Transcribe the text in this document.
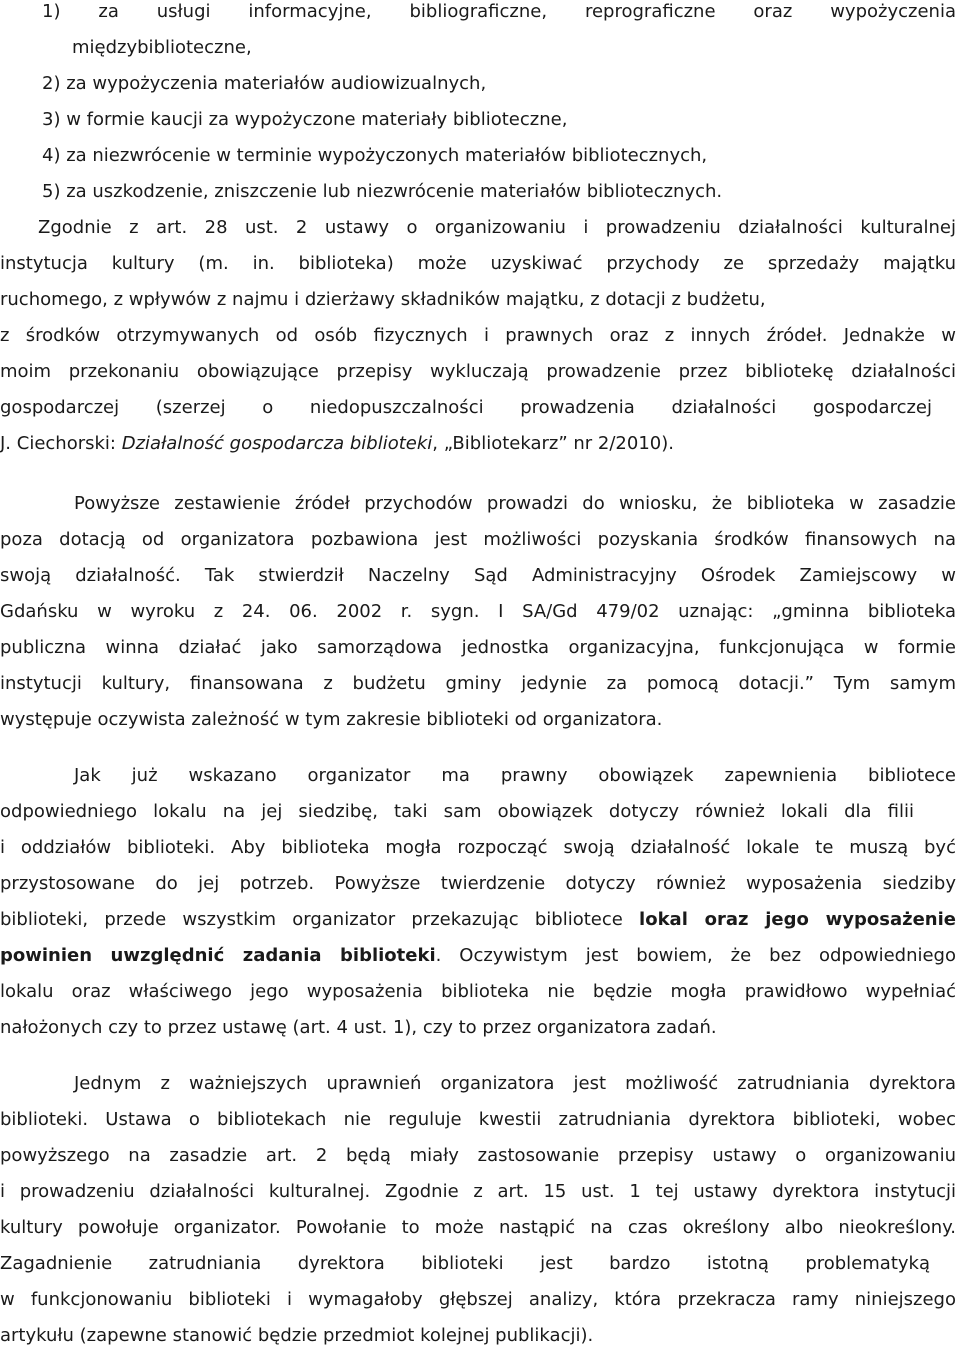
1) za usługi informacyjne, bibliograficzne, reprograficzne oraz wypożyczenia
międzybiblioteczne,
2) za wypożyczenia materiałów audiowizualnych,
3) w formie kaucji za wypożyczone materiały biblioteczne,
4) za niezwrócenie w terminie wypożyczonych materiałów bibliotecznych,
5) za uszkodzenie, zniszczenie lub niezwrócenie materiałów bibliotecznych.
Zgodnie z art. 28 ust. 2 ustawy o organizowaniu i prowadzeniu działalności kulturalnej
instytucja kultury (m. in. biblioteka) może uzyskiwać przychody ze sprzedaży majątku
ruchomego, z wpływów z najmu i dzierżawy składników majątku, z dotacji z budżetu,
z środków otrzymywanych od osób fizycznych i prawnych oraz z innych źródeł. Jednakże w
moim przekonaniu obowiązujące przepisy wykluczają prowadzenie przez bibliotekę działalności
gospodarczej (szerzej o niedopuszczalności prowadzenia działalności gospodarczej
J. Ciechorski: Działalność gospodarcza biblioteki, „Bibliotekarz” nr 2/2010).
Powyższe zestawienie źródeł przychodów prowadzi do wniosku, że biblioteka w zasadzie
poza dotacją od organizatora pozbawiona jest możliwości pozyskania środków finansowych na
swoją działalność. Tak stwierdził Naczelny Sąd Administracyjny Ośrodek Zamiejscowy w
Gdańsku w wyroku z 24. 06. 2002 r. sygn. I SA/Gd 479/02 uznając: „gminna biblioteka
publiczna winna działać jako samorządowa jednostka organizacyjna, funkcjonująca w formie
instytucji kultury, finansowana z budżetu gminy jedynie za pomocą dotacji.” Tym samym
występuje oczywista zależność w tym zakresie biblioteki od organizatora.
Jak już wskazano organizator ma prawny obowiązek zapewnienia bibliotece
odpowiedniego lokalu na jej siedzibę, taki sam obowiązek dotyczy również lokali dla filii
i oddziałów biblioteki. Aby biblioteka mogła rozpocząć swoją działalność lokale te muszą być
przystosowane do jej potrzeb. Powyższe twierdzenie dotyczy również wyposażenia siedziby
biblioteki, przede wszystkim organizator przekazując bibliotece lokal oraz jego wyposażenie
powinien uwzględnić zadania biblioteki. Oczywistym jest bowiem, że bez odpowiedniego
lokalu oraz właściwego jego wyposażenia biblioteka nie będzie mogła prawidłowo wypełniać
nałożonych czy to przez ustawę (art. 4 ust. 1), czy to przez organizatora zadań.
Jednym z ważniejszych uprawnień organizatora jest możliwość zatrudniania dyrektora
biblioteki. Ustawa o bibliotekach nie reguluje kwestii zatrudniania dyrektora biblioteki, wobec
powyższego na zasadzie art. 2 będą miały zastosowanie przepisy ustawy o organizowaniu
i prowadzeniu działalności kulturalnej. Zgodnie z art. 15 ust. 1 tej ustawy dyrektora instytucji
kultury powołuje organizator. Powołanie to może nastąpić na czas określony albo nieokreślony.
Zagadnienie zatrudniania dyrektora biblioteki jest bardzo istotną problematyką
w funkcjonowaniu biblioteki i wymagałoby głębszej analizy, która przekracza ramy niniejszego
artykułu (zapewne stanowić będzie przedmiot kolejnej publikacji).
